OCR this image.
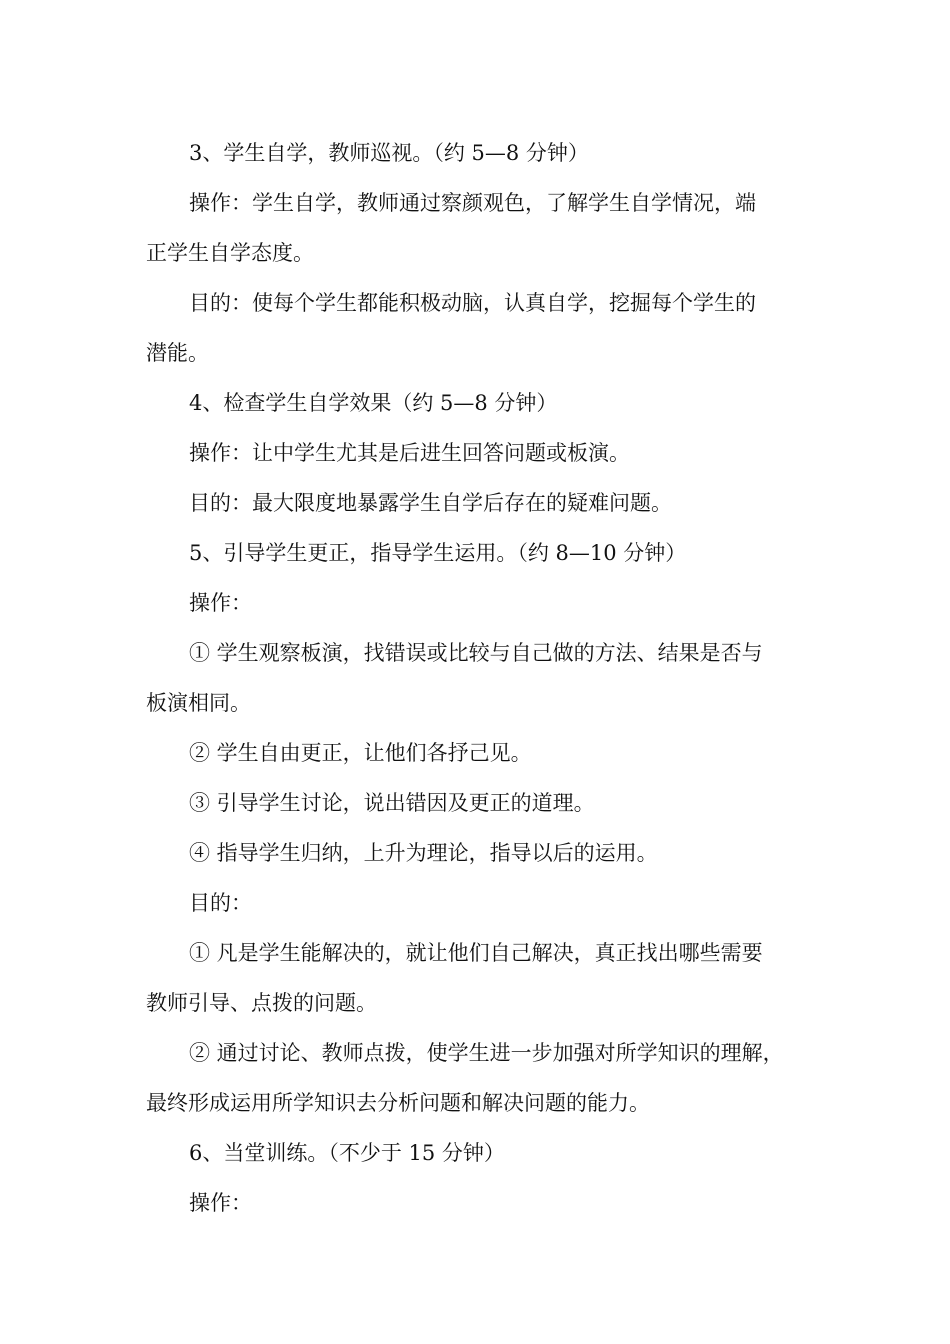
3、学生自学，教师巡视。（约 5—8 分钟）

操作：学生自学，教师通过察颜观色，了解学生自学情况，端

正学生自学态度。

目的：使每个学生都能积极动脑，认真自学，挖掘每个学生的

潜能。

4、检查学生自学效果（约 5—8 分钟）

操作：让中学生尤其是后进生回答问题或板演。

目的：最大限度地暴露学生自学后存在的疑难问题。

5、引导学生更正，指导学生运用。（约 8—10 分钟）

操作：

① 学生观察板演，找错误或比较与自己做的方法、结果是否与

板演相同。

② 学生自由更正，让他们各抒己见。

③ 引导学生讨论，说出错因及更正的道理。

④ 指导学生归纳，上升为理论，指导以后的运用。

目的：

① 凡是学生能解决的，就让他们自己解决，真正找出哪些需要

教师引导、点拨的问题。

② 通过讨论、教师点拨，使学生进一步加强对所学知识的理解，

最终形成运用所学知识去分析问题和解决问题的能力。

6、当堂训练。（不少于 15 分钟）

操作：
